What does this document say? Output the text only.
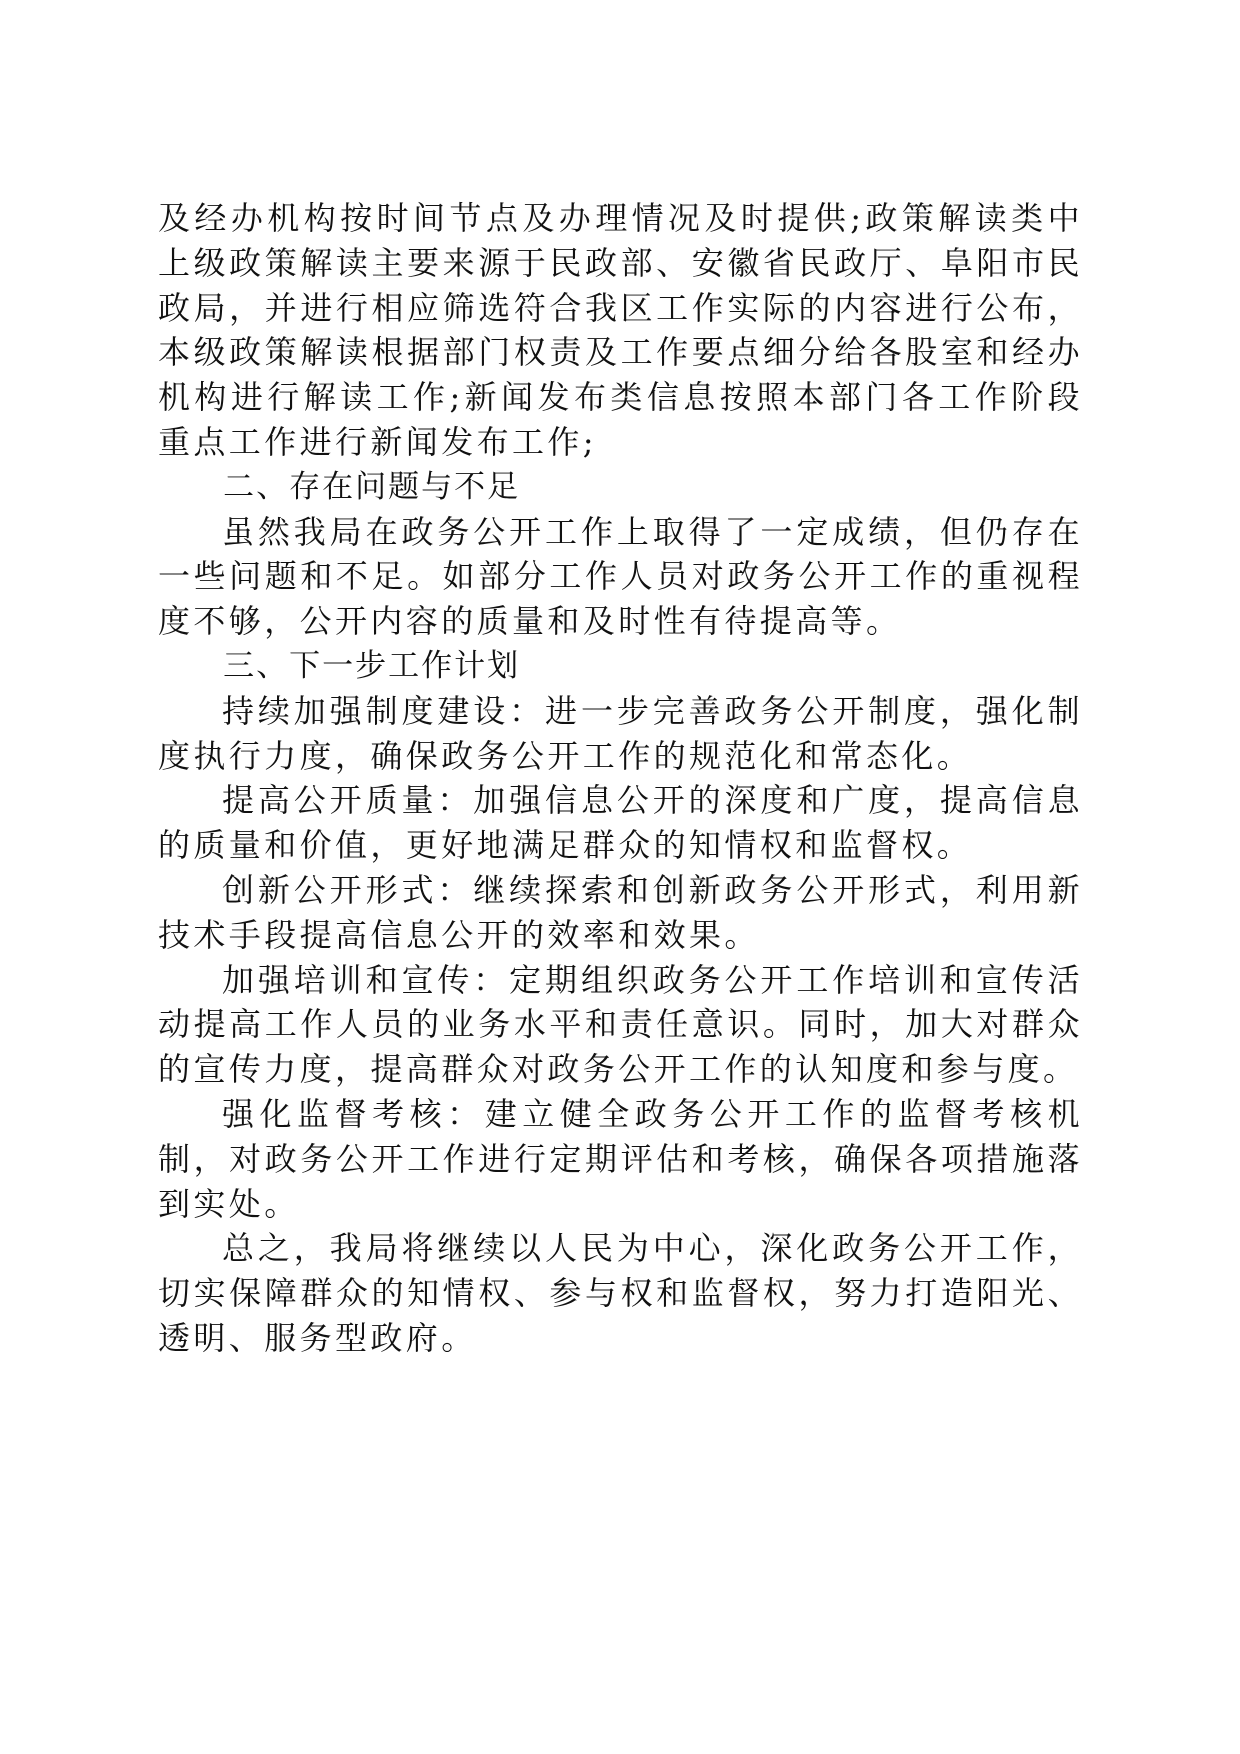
及经办机构按时间节点及办理情况及时提供;政策解读类中上级政策解读主要来源于民政部、安徽省民政厅、阜阳市民政局，并进行相应筛选符合我区工作实际的内容进行公布，本级政策解读根据部门权责及工作要点细分给各股室和经办机构进行解读工作;新闻发布类信息按照本部门各工作阶段重点工作进行新闻发布工作;

二、存在问题与不足

虽然我局在政务公开工作上取得了一定成绩，但仍存在一些问题和不足。如部分工作人员对政务公开工作的重视程度不够，公开内容的质量和及时性有待提高等。

三、下一步工作计划

持续加强制度建设：进一步完善政务公开制度，强化制度执行力度，确保政务公开工作的规范化和常态化。

提高公开质量：加强信息公开的深度和广度，提高信息的质量和价值，更好地满足群众的知情权和监督权。

创新公开形式：继续探索和创新政务公开形式，利用新技术手段提高信息公开的效率和效果。

加强培训和宣传：定期组织政务公开工作培训和宣传活动提高工作人员的业务水平和责任意识。同时，加大对群众的宣传力度，提高群众对政务公开工作的认知度和参与度。

强化监督考核：建立健全政务公开工作的监督考核机制，对政务公开工作进行定期评估和考核，确保各项措施落到实处。

总之，我局将继续以人民为中心，深化政务公开工作，切实保障群众的知情权、参与权和监督权，努力打造阳光、透明、服务型政府。
